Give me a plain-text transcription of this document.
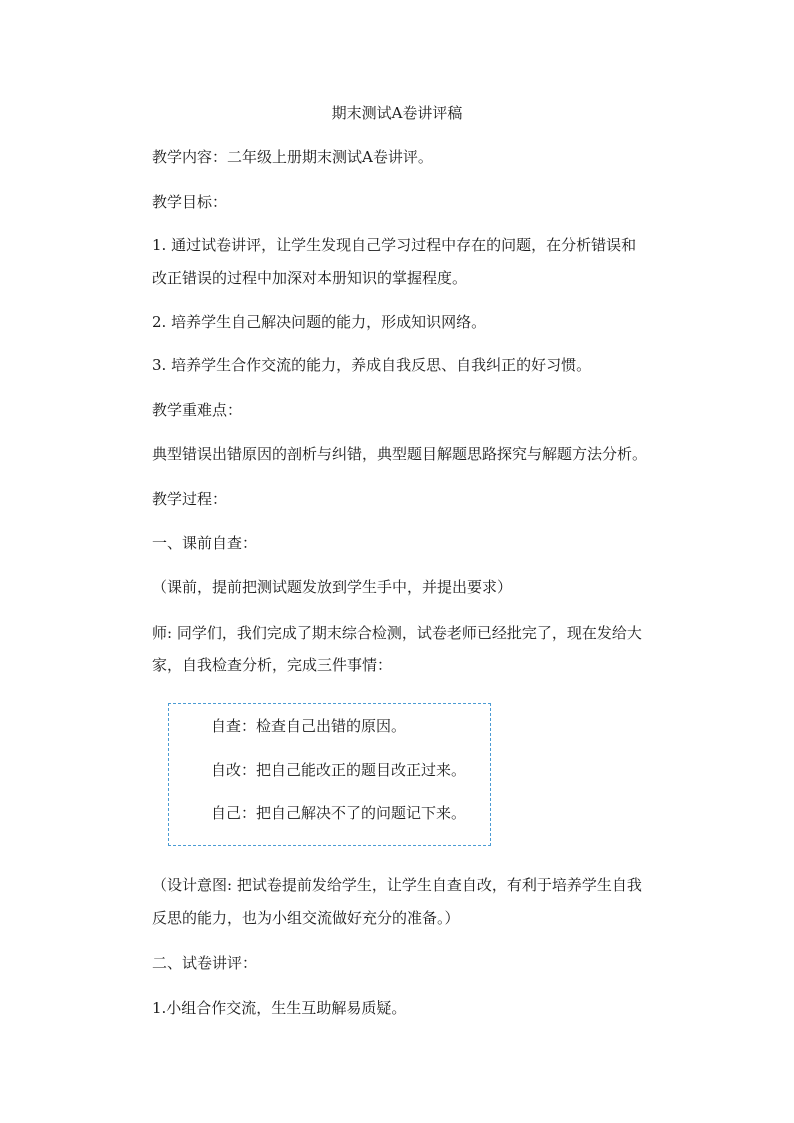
期末测试A卷讲评稿
教学内容：二年级上册期末测试A卷讲评。
教学目标：
1. 通过试卷讲评，让学生发现自己学习过程中存在的问题，在分析错误和
改正错误的过程中加深对本册知识的掌握程度。
2. 培养学生自己解决问题的能力，形成知识网络。
3. 培养学生合作交流的能力，养成自我反思、自我纠正的好习惯。
教学重难点：
典型错误出错原因的剖析与纠错，典型题目解题思路探究与解题方法分析。
教学过程：
一、课前自查：
（课前，提前把测试题发放到学生手中，并提出要求）
师: 同学们，我们完成了期末综合检测，试卷老师已经批完了，现在发给大
家，自我检查分析，完成三件事情：
自查：检查自己出错的原因。
自改：把自己能改正的题目改正过来。
自己：把自己解决不了的问题记下来。
（设计意图: 把试卷提前发给学生，让学生自查自改，有利于培养学生自我
反思的能力，也为小组交流做好充分的准备。）
二、试卷讲评：
1.小组合作交流，生生互助解易质疑。
